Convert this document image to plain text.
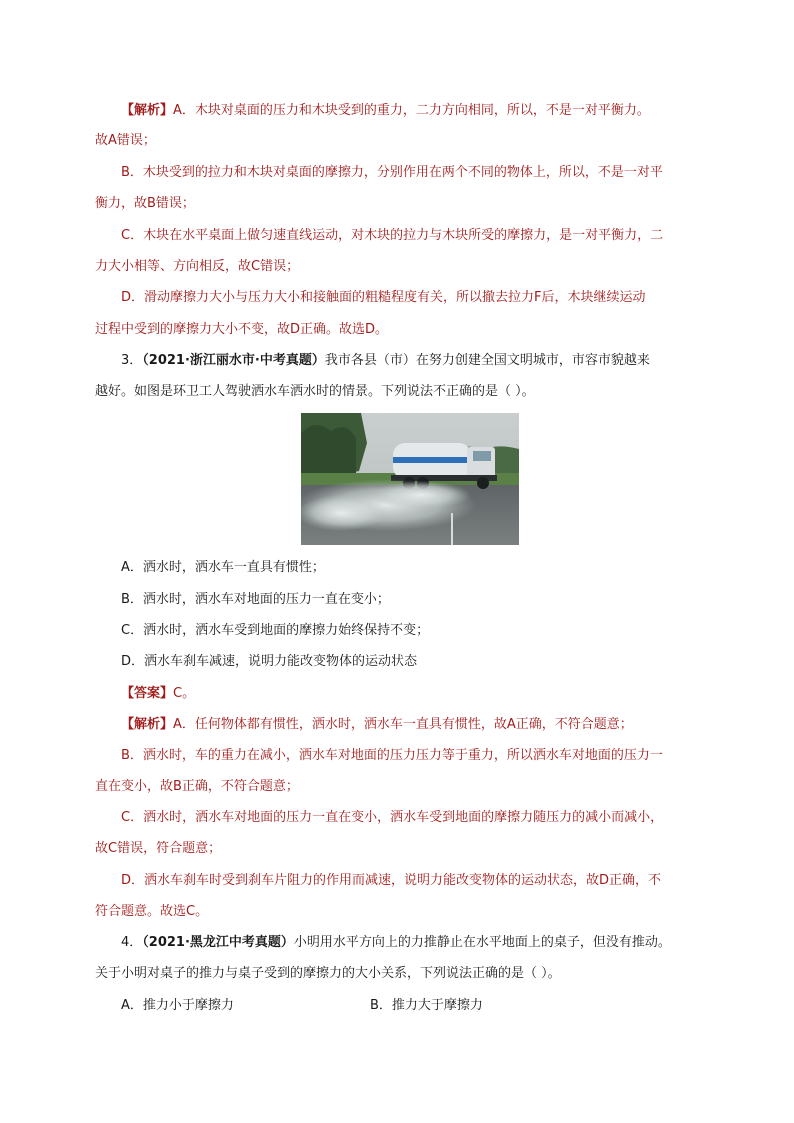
【解析】A．木块对桌面的压力和木块受到的重力，二力方向相同，所以，不是一对平衡力。
故A错误；
B．木块受到的拉力和木块对桌面的摩擦力，分别作用在两个不同的物体上，所以，不是一对平
衡力，故B错误；
C．木块在水平桌面上做匀速直线运动，对木块的拉力与木块所受的摩擦力，是一对平衡力，二
力大小相等、方向相反，故C错误；
D．滑动摩擦力大小与压力大小和接触面的粗糙程度有关，所以撤去拉力F后，木块继续运动
过程中受到的摩擦力大小不变，故D正确。故选D。
3．（2021·浙江丽水市·中考真题）我市各县（市）在努力创建全国文明城市，市容市貌越来
越好。如图是环卫工人驾驶洒水车洒水时的情景。下列说法不正确的是（ ）。
A．洒水时，洒水车一直具有惯性；
B．洒水时，洒水车对地面的压力一直在变小；
C．洒水时，洒水车受到地面的摩擦力始终保持不变；
D．洒水车刹车减速，说明力能改变物体的运动状态
【答案】C。
【解析】A．任何物体都有惯性，洒水时，洒水车一直具有惯性，故A正确，不符合题意；
B．洒水时，车的重力在减小，洒水车对地面的压力压力等于重力，所以洒水车对地面的压力一
直在变小，故B正确，不符合题意；
C．洒水时，洒水车对地面的压力一直在变小，洒水车受到地面的摩擦力随压力的减小而减小，
故C错误，符合题意；
D．洒水车刹车时受到刹车片阻力的作用而减速，说明力能改变物体的运动状态，故D正确，不
符合题意。故选C。
4．（2021·黑龙江中考真题）小明用水平方向上的力推静止在水平地面上的桌子，但没有推动。
关于小明对桌子的推力与桌子受到的摩擦力的大小关系，下列说法正确的是（ ）。
A．推力小于摩擦力	B．推力大于摩擦力
